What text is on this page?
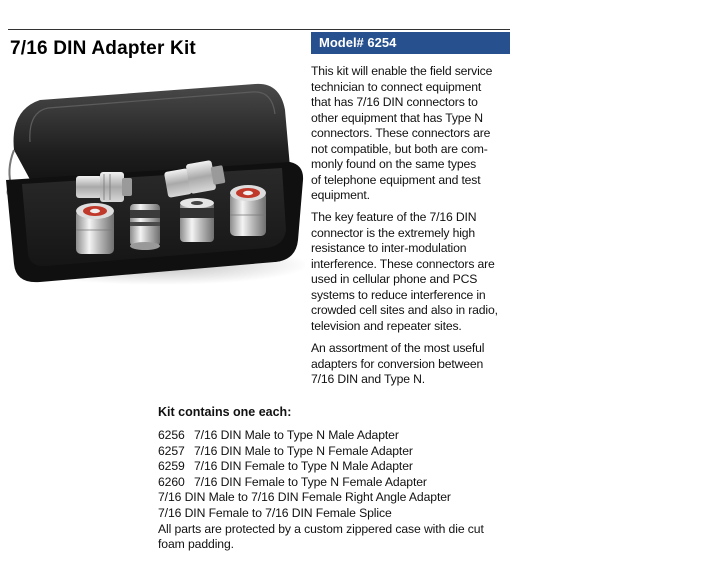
7/16 DIN Adapter Kit	Model# 6254
This kit will enable the field service
technician to connect equipment
that has 7/16 DIN connectors to
other equipment that has Type N
connectors. These connectors are
not compatible, but both are com-
monly found on the same types
of telephone equipment and test
equipment.
The key feature of the 7/16 DIN
connector is the extremely high
resistance to inter-modulation
interference. These connectors are
used in cellular phone and PCS
systems to reduce interference in
crowded cell sites and also in radio,
television and repeater sites.
An assortment of the most useful
adapters for conversion between
7/16 DIN and Type N.
Kit contains one each:
6256 7/16 DIN Male to Type N Male Adapter
6257 7/16 DIN Male to Type N Female Adapter
6259 7/16 DIN Female to Type N Male Adapter
6260 7/16 DIN Female to Type N Female Adapter
7/16 DIN Male to 7/16 DIN Female Right Angle Adapter
7/16 DIN Female to 7/16 DIN Female Splice
All parts are protected by a custom zippered case with die cut
foam padding.
